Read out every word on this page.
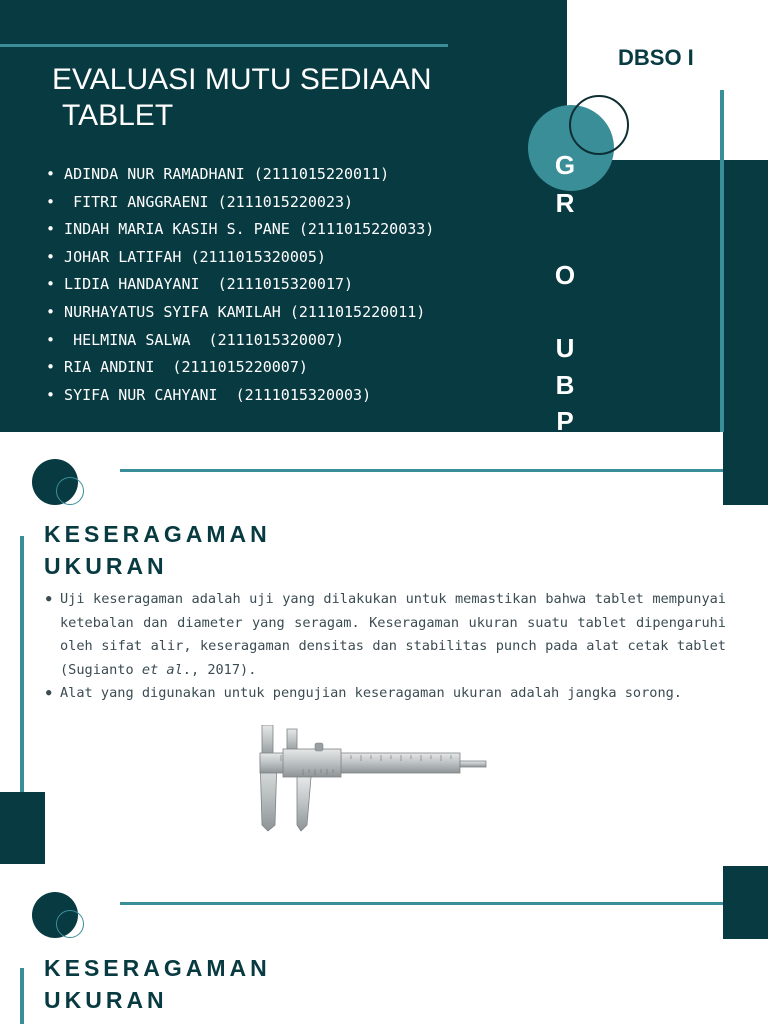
EVALUASI MUTU SEDIAAN
TABLET
DBSO I
• ADINDA NUR RAMADHANI (2111015220011)
•  FITRI ANGGRAENI (2111015220023)
• INDAH MARIA KASIH S. PANE (2111015220033)
• JOHAR LATIFAH (2111015320005)
• LIDIA HANDAYANI  (2111015320017)
• NURHAYATUS SYIFA KAMILAH (2111015220011)
•  HELMINA SALWA  (2111015320007)
• RIA ANDINI  (2111015220007)
• SYIFA NUR CAHYANI  (2111015320003)
G
R
O
U
B
P
KESERAGAMAN
UKURAN
● Uji keseragaman adalah uji yang dilakukan untuk memastikan bahwa tablet mempunyai ketebalan dan diameter yang seragam. Keseragaman ukuran suatu tablet dipengaruhi oleh sifat alir, keseragaman densitas dan stabilitas punch pada alat cetak tablet (Sugianto et al., 2017).
● Alat yang digunakan untuk pengujian keseragaman ukuran adalah jangka sorong.
KESERAGAMAN
UKURAN
